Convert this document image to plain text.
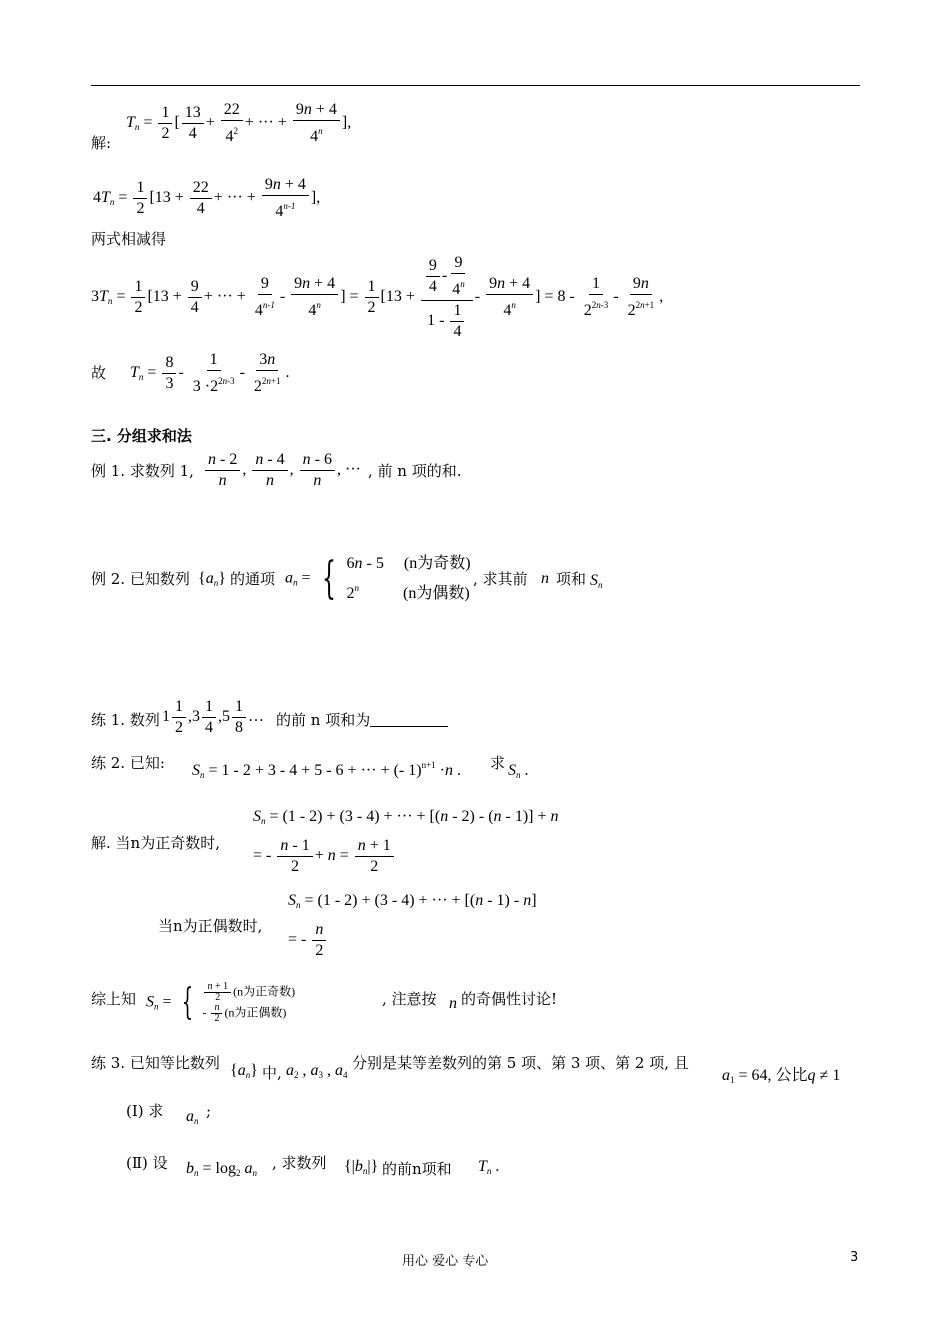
解:
$T_n = \frac{1}{2}$ [ $\frac{13}{4} + \frac{22}{4^2}$ + ··· + $\frac{9n + 4}{4^n}$ ],
$4T_n = \frac{1}{2} [13 + \frac{22}{4}$ + ··· + $\frac{9n + 4}{4^{n-1}}$ ],
两式相减得
$3T_n = \frac{1}{2} [13 + \frac{9}{4}$ + ··· + $\frac{9}{4^{n-1}} - \frac{9n + 4}{4^n}$ ] = $\frac{1}{2} [13 + \frac{\frac{9}{4} - \frac{9}{4^n}}{1 - \frac{1}{4}} - \frac{9n + 4}{4^n}$ ] = $8 - \frac{1}{2^{2n-3}} - \frac{9n}{2^{2n+1}}$ ,
故 $T_n = \frac{8}{3} - \frac{1}{3 \cdot 2^{2n-3}} - \frac{3n}{2^{2n+1}}$ .
三. 分组求和法
例 1. 求数列 1, $\frac{n - 2}{n}$ , $\frac{n - 4}{n}$ , $\frac{n - 6}{n}$ , ··· , 前 n 项的和.
例 2. 已知数列 $\{a_n\}$ 的通项 $a_n$ = { 6n - 5     (n为奇数)
2$^n$	(n为偶数)
, 求其前 n 项和 $S_n$
练 1. 数列 $1 \frac{1}{2} ,3 \frac{1}{4} ,5 \frac{1}{8}$ … 的前 n 项和为
练 2. 已知: $S_n = 1 - 2 + 3 - 4 + 5 - 6$ + ··· + (- 1)$^{n+1}$ ·n . 求 $S_n$ .
$S_n = (1 - 2) + (3 - 4)$ + ··· + [(n - 2) - (n - 1)] + n
解. 当n为正奇数时,
= - $\frac{n - 1}{2} + n = \frac{n + 1}{2}$
$S_n = (1 - 2) + (3 - 4)$ + ··· + [(n - 1) - n]
当n为正偶数时,
= - $\frac{n}{2}$
综上知 $S_n$ = { $\frac{n + 1}{2} (n$为正奇数)
- $\frac{n}{2} (n$为正偶数)
, 注意按 n 的奇偶性讨论!
练 3. 已知等比数列 $\{a_n\}$ 中, $a_2$ , $a_3$ , $a_4$
分别是某等差数列的第 5 项、第 3 项、第 2 项, 且
$a_1 = 64$, 公比q ≠ 1
(Ⅰ) 求 $a_n$
;
(Ⅱ) 设 $b_n = \log_2 a_n$
, 求数列 $\{|b_n|\}$ 的前n项和 $T_n$ .
用心 爱心 专心	3
